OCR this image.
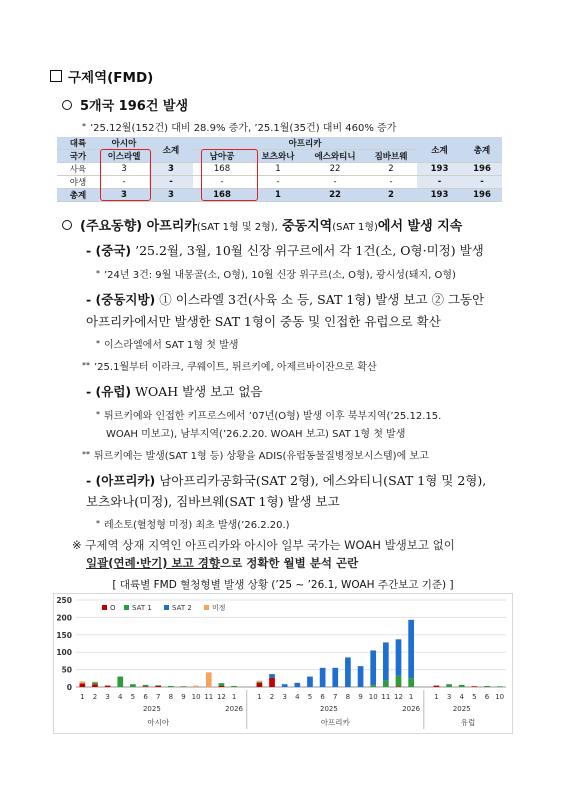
구제역(FMD)
5개국 196건 발생
* ’25.12월(152건) 대비 28.9% 증가, ’25.1월(35건) 대비 460% 증가
대륙	아시아	소계	아프리카				소계	총계
국가	이스라엘		남아공	보츠와나	에스와티니	짐바브웨		
사육	3	3	168	1	22	2	193	196
야생	-	-	-	-	-	-	-	-
총계	3	3	168	1	22	2	193	196
(주요동향) 아프리카(SAT 1형 및 2형), 중동지역(SAT 1형)에서 발생 지속
- (중국) ’25.2월, 3월, 10월 신장 위구르에서 각 1건(소, O형·미정) 발생
* ’24년 3건: 9월 내몽골(소, O형), 10월 신장 위구르(소, O형), 광시성(돼지, O형)
- (중동지방) ① 이스라엘 3건(사육 소 등, SAT 1형) 발생 보고 ② 그동안
아프리카에서만 발생한 SAT 1형이 중동 및 인접한 유럽으로 확산
* 이스라엘에서 SAT 1형 첫 발생
** ’25.1월부터 이라크, 쿠웨이트, 튀르키예, 아제르바이잔으로 확산
- (유럽) WOAH 발생 보고 없음
* 튀르키예와 인접한 키프로스에서 ’07년(O형) 발생 이후 북부지역(’25.12.15.
WOAH 미보고), 남부지역(’26.2.20. WOAH 보고) SAT 1형 첫 발생
** 튀르키예는 발생(SAT 1형 등) 상황을 ADIS(유럽동물질병정보시스템)에 보고
- (아프리카) 남아프리카공화국(SAT 2형), 에스와티니(SAT 1형 및 2형),
보츠와나(미정), 짐바브웨(SAT 1형) 발생 보고
* 레소토(혈청형 미정) 최초 발생(’26.2.20.)
※ 구제역 상재 지역인 아프리카와 아시아 일부 국가는 WOAH 발생보고 없이
일괄(연례·반기) 보고 경향으로 정확한 월별 분석 곤란
[ 대륙별 FMD 혈청형별 발생 상황 (’25 ~ ’26.1, WOAH 주간보고 기준) ]
0
50
100
150
200
250
O SAT 1	SAT 2	미정
1 2 3 4 5 6 7 8 9 10 11 12 1
2025	2026
아시아
1 2 3 4 5 6 7 8 9 10 11 12 1
2025	2026
아프리카
1 3 4 5 6 10
2025
유럽
